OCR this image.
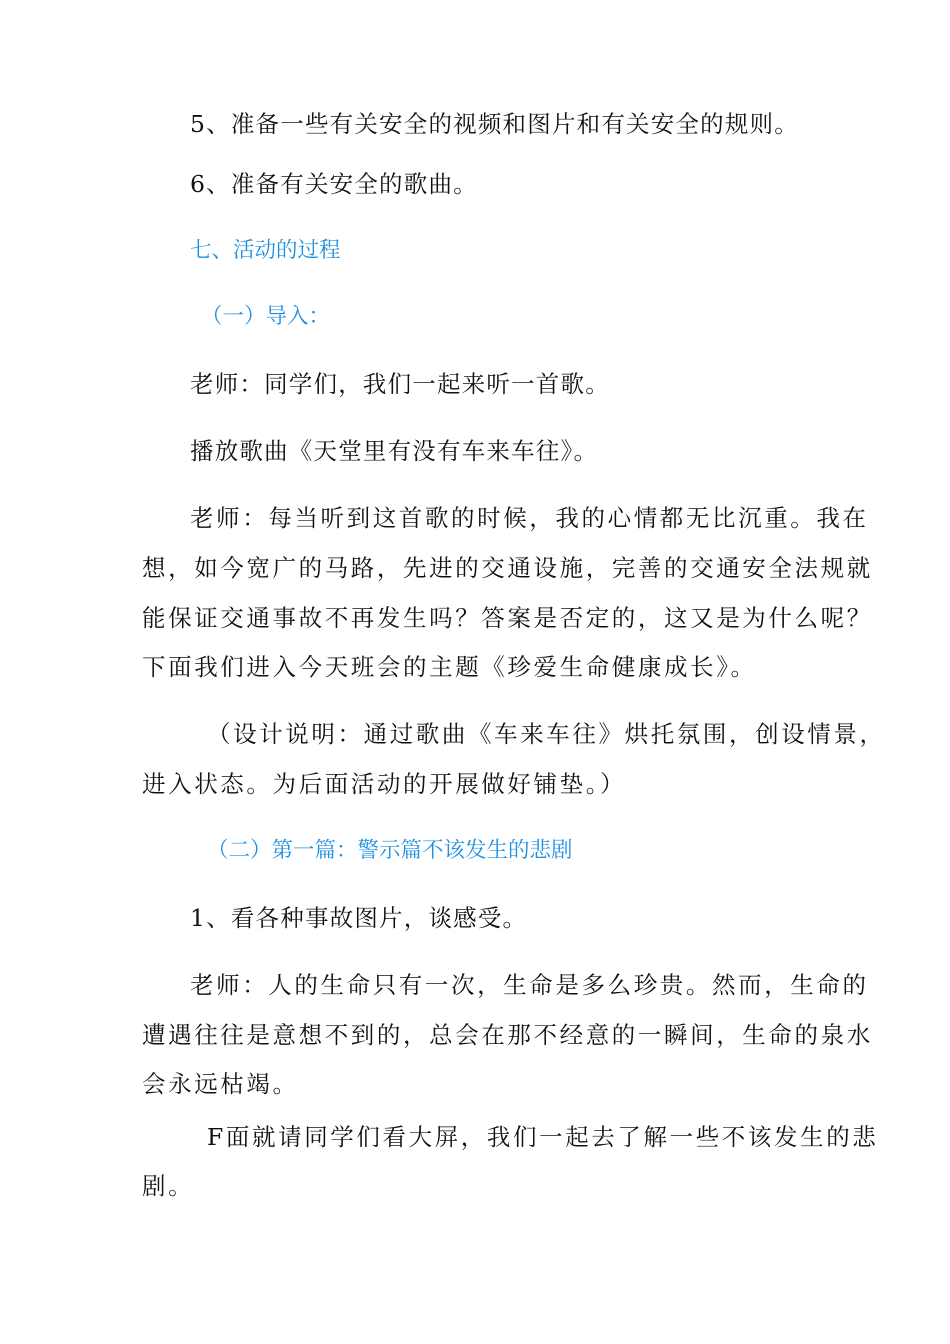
5、准备一些有关安全的视频和图片和有关安全的规则。

6、准备有关安全的歌曲。

七、活动的过程

（一）导入：

老师：同学们，我们一起来听一首歌。

播放歌曲《天堂里有没有车来车往》。

老师：每当听到这首歌的时候，我的心情都无比沉重。我在

想，如今宽广的马路，先进的交通设施，完善的交通安全法规就

能保证交通事故不再发生吗？答案是否定的，这又是为什么呢？

下面我们进入今天班会的主题《珍爱生命健康成长》。

（设计说明：通过歌曲《车来车往》烘托氛围，创设情景，

进入状态。为后面活动的开展做好铺垫。）

（二）第一篇：警示篇不该发生的悲剧

1、看各种事故图片，谈感受。

老师：人的生命只有一次，生命是多么珍贵。然而，生命的

遭遇往往是意想不到的，总会在那不经意的一瞬间，生命的泉水

会永远枯竭。

F面就请同学们看大屏，我们一起去了解一些不该发生的悲

剧。
